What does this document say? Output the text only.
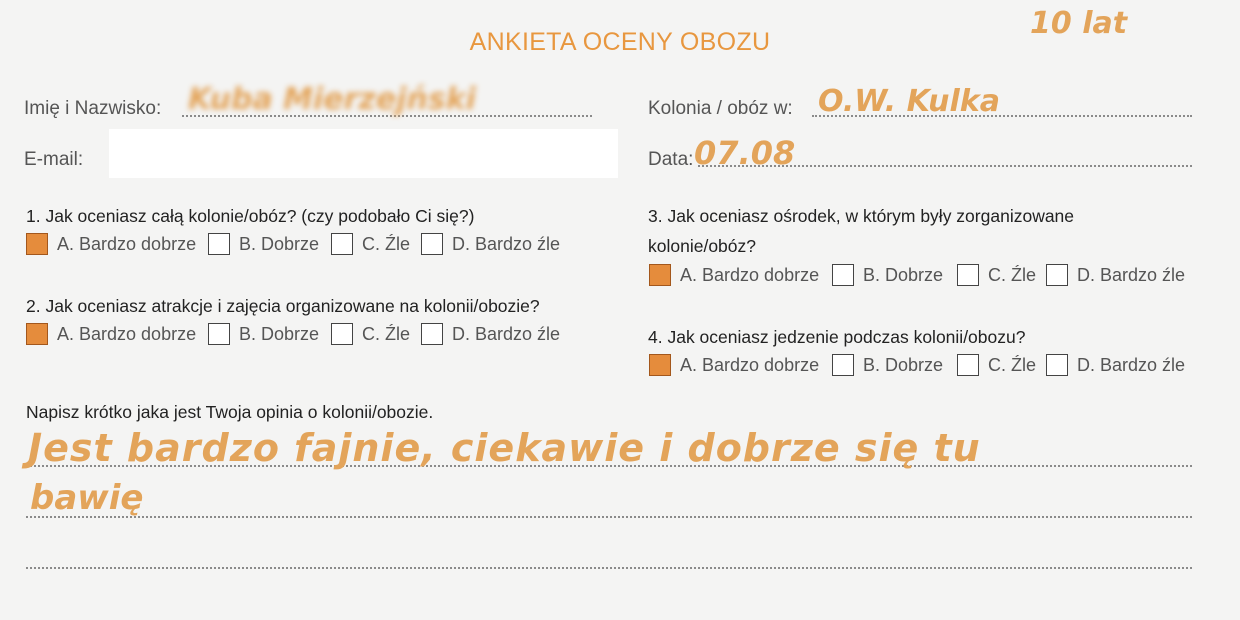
ANKIETA OCENY OBOZU
10 lat
Imię i Nazwisko: Kuba Mierzejński
E-mail:
Kolonia / obóz w: O.W. Kulka
Data: 07.08
1. Jak oceniasz całą kolonie/obóz? (czy podobało Ci się?)
A. Bardzo dobrze B. Dobrze C. Źle D. Bardzo źle
2. Jak oceniasz atrakcje i zajęcia organizowane na kolonii/obozie?
A. Bardzo dobrze B. Dobrze C. Źle D. Bardzo źle
3. Jak oceniasz ośrodek, w którym były zorganizowane
kolonie/obóz?
A. Bardzo dobrze B. Dobrze C. Źle D. Bardzo źle
4. Jak oceniasz jedzenie podczas kolonii/obozu?
A. Bardzo dobrze B. Dobrze C. Źle D. Bardzo źle
Napisz krótko jaka jest Twoja opinia o kolonii/obozie.
Jest bardzo fajnie, ciekawie i dobrze się tu
bawię
